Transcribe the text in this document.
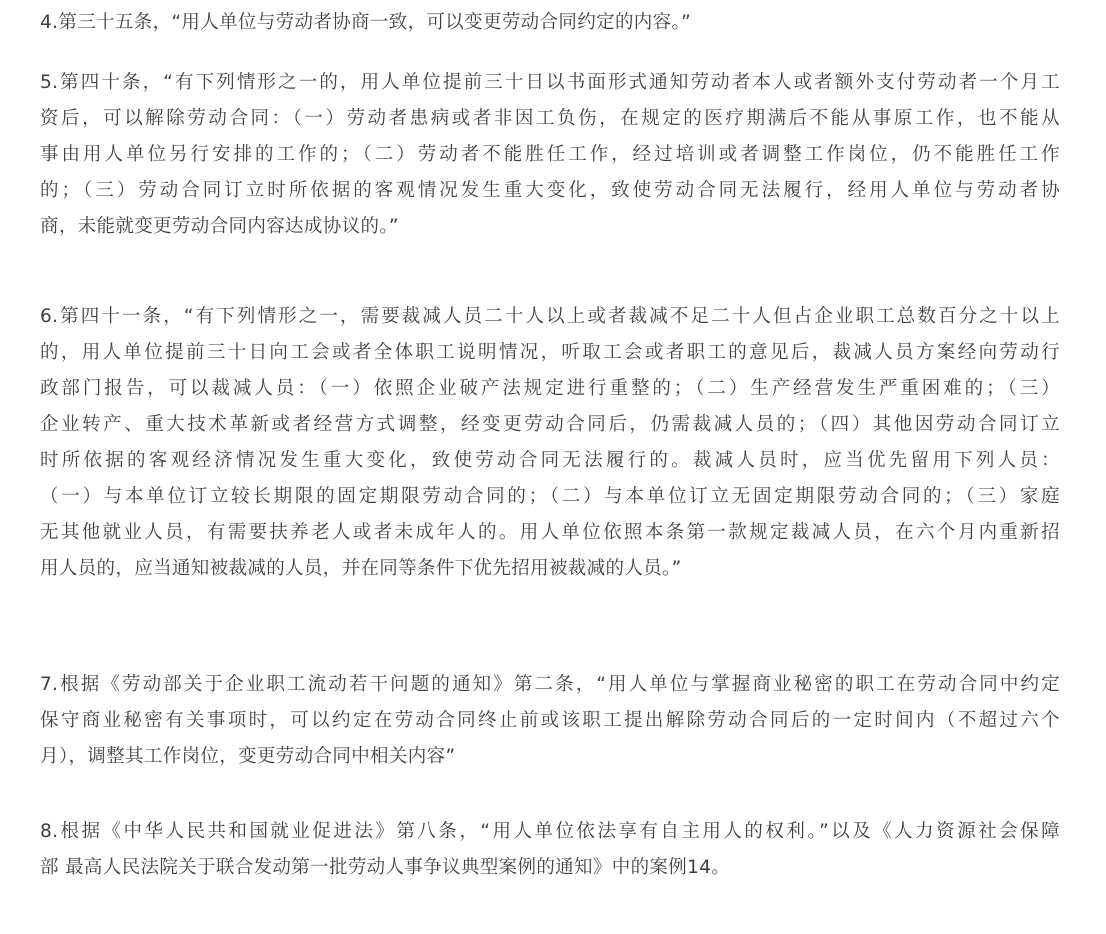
4.第三十五条，“用人单位与劳动者协商一致，可以变更劳动合同约定的内容。”
5.第四十条，“有下列情形之一的，用人单位提前三十日以书面形式通知劳动者本人或者额外支付劳动者一个月工
资后，可以解除劳动合同：（一）劳动者患病或者非因工负伤，在规定的医疗期满后不能从事原工作，也不能从
事由用人单位另行安排的工作的；（二）劳动者不能胜任工作，经过培训或者调整工作岗位，仍不能胜任工作
的；（三）劳动合同订立时所依据的客观情况发生重大变化，致使劳动合同无法履行，经用人单位与劳动者协
商，未能就变更劳动合同内容达成协议的。”
6.第四十一条，“有下列情形之一，需要裁减人员二十人以上或者裁减不足二十人但占企业职工总数百分之十以上
的，用人单位提前三十日向工会或者全体职工说明情况，听取工会或者职工的意见后，裁减人员方案经向劳动行
政部门报告，可以裁减人员：（一）依照企业破产法规定进行重整的；（二）生产经营发生严重困难的；（三）
企业转产、重大技术革新或者经营方式调整，经变更劳动合同后，仍需裁减人员的；（四）其他因劳动合同订立
时所依据的客观经济情况发生重大变化，致使劳动合同无法履行的。裁减人员时，应当优先留用下列人员：
（一）与本单位订立较长期限的固定期限劳动合同的；（二）与本单位订立无固定期限劳动合同的；（三）家庭
无其他就业人员，有需要扶养老人或者未成年人的。用人单位依照本条第一款规定裁减人员，在六个月内重新招
用人员的，应当通知被裁减的人员，并在同等条件下优先招用被裁减的人员。”
7.根据《劳动部关于企业职工流动若干问题的通知》第二条，“用人单位与掌握商业秘密的职工在劳动合同中约定
保守商业秘密有关事项时，可以约定在劳动合同终止前或该职工提出解除劳动合同后的一定时间内（不超过六个
月），调整其工作岗位，变更劳动合同中相关内容”
8.根据《中华人民共和国就业促进法》第八条，“用人单位依法享有自主用人的权利。”以及《人力资源社会保障
部 最高人民法院关于联合发动第一批劳动人事争议典型案例的通知》中的案例14。
